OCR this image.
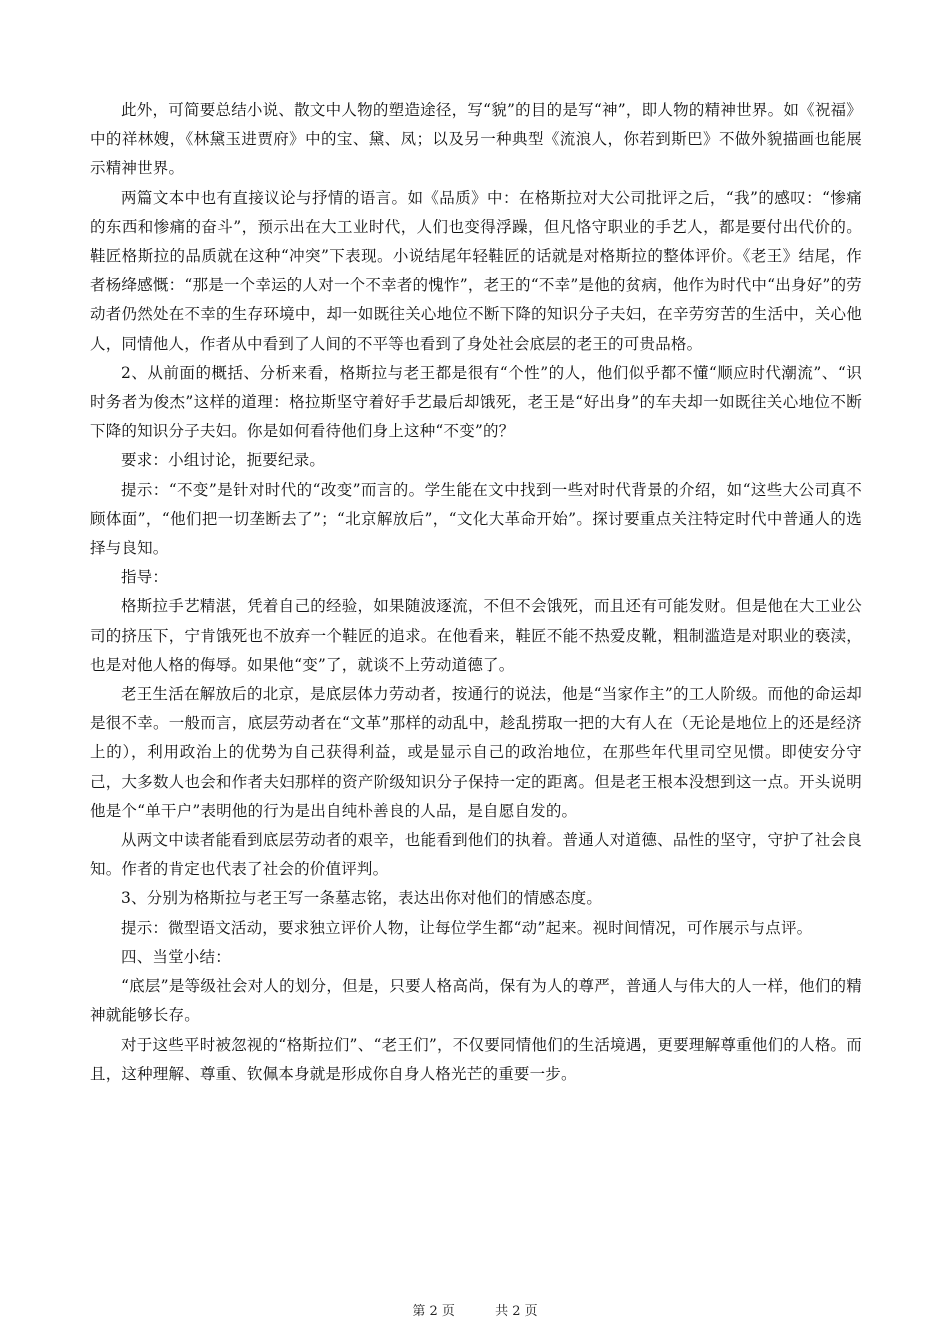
此外，可简要总结小说、散文中人物的塑造途径，写“貌”的目的是写“神”，即人物的精神世界。如《祝福》中的祥林嫂，《林黛玉进贾府》中的宝、黛、凤；以及另一种典型《流浪人，你若到斯巴》不做外貌描画也能展示精神世界。

两篇文本中也有直接议论与抒情的语言。如《品质》中：在格斯拉对大公司批评之后，“我”的感叹：“惨痛的东西和惨痛的奋斗”，预示出在大工业时代，人们也变得浮躁，但凡恪守职业的手艺人，都是要付出代价的。鞋匠格斯拉的品质就在这种“冲突”下表现。小说结尾年轻鞋匠的话就是对格斯拉的整体评价。《老王》结尾，作者杨绛感慨：“那是一个幸运的人对一个不幸者的愧怍”，老王的“不幸”是他的贫病，他作为时代中“出身好”的劳动者仍然处在不幸的生存环境中，却一如既往关心地位不断下降的知识分子夫妇，在辛劳穷苦的生活中，关心他人，同情他人，作者从中看到了人间的不平等也看到了身处社会底层的老王的可贵品格。

2、从前面的概括、分析来看，格斯拉与老王都是很有“个性”的人，他们似乎都不懂“顺应时代潮流”、“识时务者为俊杰”这样的道理：格拉斯坚守着好手艺最后却饿死，老王是“好出身”的车夫却一如既往关心地位不断下降的知识分子夫妇。你是如何看待他们身上这种“不变”的？

要求：小组讨论，扼要纪录。

提示：“不变”是针对时代的“改变”而言的。学生能在文中找到一些对时代背景的介绍，如“这些大公司真不顾体面”，“他们把一切垄断去了”；“北京解放后”，“文化大革命开始”。探讨要重点关注特定时代中普通人的选择与良知。

指导：

格斯拉手艺精湛，凭着自己的经验，如果随波逐流，不但不会饿死，而且还有可能发财。但是他在大工业公司的挤压下，宁肯饿死也不放弃一个鞋匠的追求。在他看来，鞋匠不能不热爱皮靴，粗制滥造是对职业的亵渎，也是对他人格的侮辱。如果他“变”了，就谈不上劳动道德了。

老王生活在解放后的北京，是底层体力劳动者，按通行的说法，他是“当家作主”的工人阶级。而他的命运却是很不幸。一般而言，底层劳动者在“文革”那样的动乱中，趁乱捞取一把的大有人在（无论是地位上的还是经济上的），利用政治上的优势为自己获得利益，或是显示自己的政治地位，在那些年代里司空见惯。即使安分守己，大多数人也会和作者夫妇那样的资产阶级知识分子保持一定的距离。但是老王根本没想到这一点。开头说明他是个“单干户”表明他的行为是出自纯朴善良的人品，是自愿自发的。

从两文中读者能看到底层劳动者的艰辛，也能看到他们的执着。普通人对道德、品性的坚守，守护了社会良知。作者的肯定也代表了社会的价值评判。

3、分别为格斯拉与老王写一条墓志铭，表达出你对他们的情感态度。

提示：微型语文活动，要求独立评价人物，让每位学生都“动”起来。视时间情况，可作展示与点评。

四、当堂小结：

“底层”是等级社会对人的划分，但是，只要人格高尚，保有为人的尊严，普通人与伟大的人一样，他们的精神就能够长存。

对于这些平时被忽视的“格斯拉们”、“老王们”，不仅要同情他们的生活境遇，更要理解尊重他们的人格。而且，这种理解、尊重、钦佩本身就是形成你自身人格光芒的重要一步。

第 2 页	共 2 页
